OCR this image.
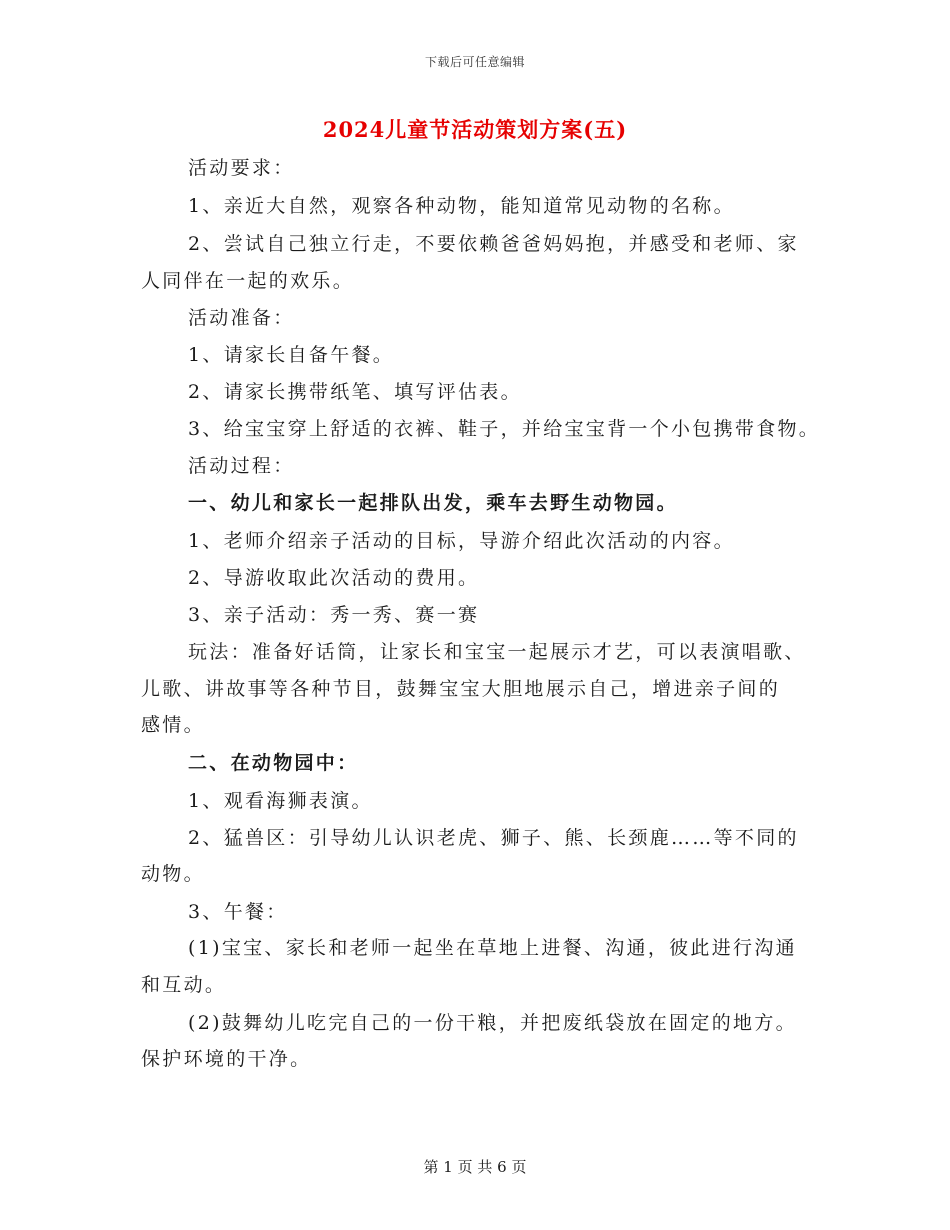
下载后可任意编辑
2024儿童节活动策划方案(五)
活动要求：
1、亲近大自然，观察各种动物，能知道常见动物的名称。
2、尝试自己独立行走，不要依赖爸爸妈妈抱，并感受和老师、家
人同伴在一起的欢乐。
活动准备：
1、请家长自备午餐。
2、请家长携带纸笔、填写评估表。
3、给宝宝穿上舒适的衣裤、鞋子，并给宝宝背一个小包携带食物。
活动过程：
一、幼儿和家长一起排队出发，乘车去野生动物园。
1、老师介绍亲子活动的目标，导游介绍此次活动的内容。
2、导游收取此次活动的费用。
3、亲子活动：秀一秀、赛一赛
玩法：准备好话筒，让家长和宝宝一起展示才艺，可以表演唱歌、
儿歌、讲故事等各种节目，鼓舞宝宝大胆地展示自己，增进亲子间的
感情。
二、在动物园中：
1、观看海狮表演。
2、猛兽区：引导幼儿认识老虎、狮子、熊、长颈鹿……等不同的
动物。
3、午餐：
(1)宝宝、家长和老师一起坐在草地上进餐、沟通，彼此进行沟通
和互动。
(2)鼓舞幼儿吃完自己的一份干粮，并把废纸袋放在固定的地方。
保护环境的干净。
第 1 页 共 6 页
